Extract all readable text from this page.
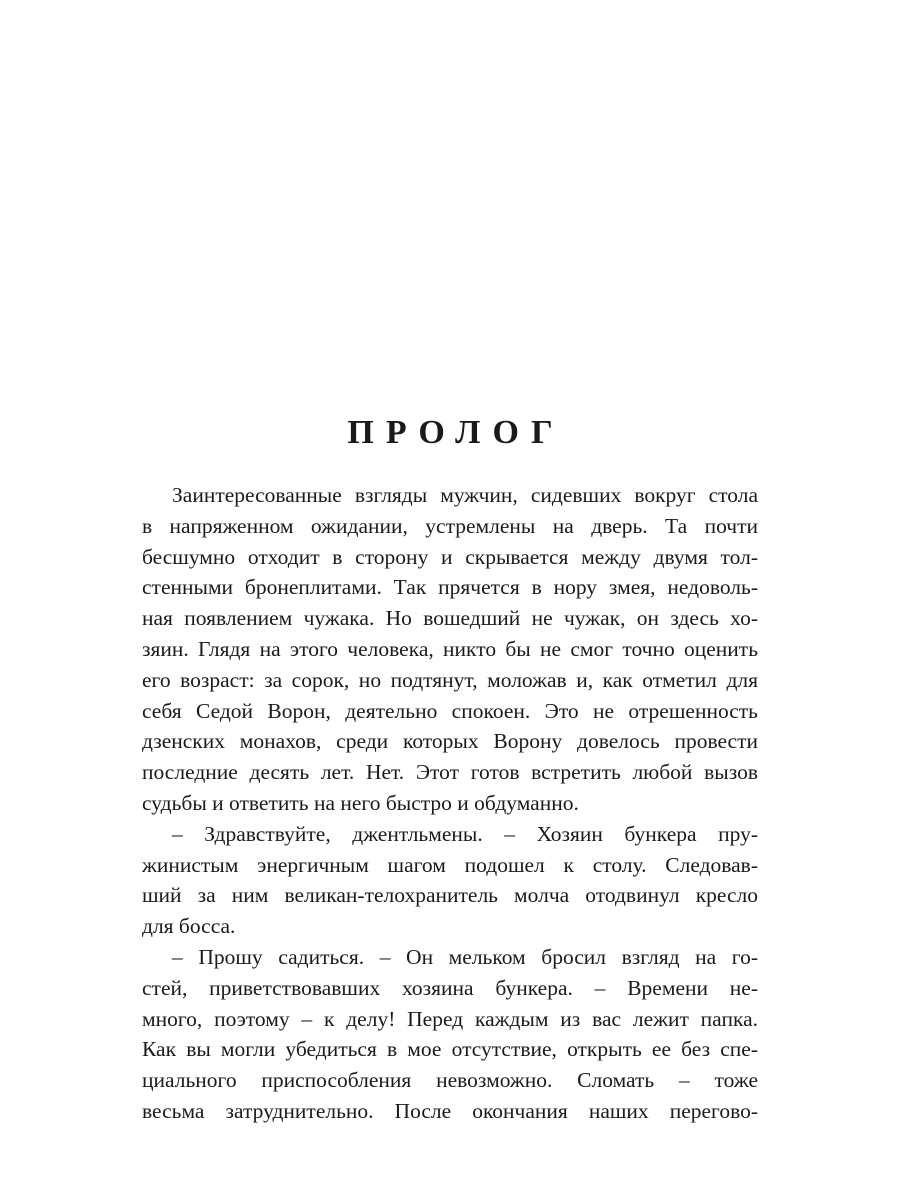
ПРОЛОГ

Заинтересованные взгляды мужчин, сидевших вокруг стола
в напряженном ожидании, устремлены на дверь. Та почти
бесшумно отходит в сторону и скрывается между двумя тол-
стенными бронеплитами. Так прячется в нору змея, недоволь-
ная появлением чужака. Но вошедший не чужак, он здесь хо-
зяин. Глядя на этого человека, никто бы не смог точно оценить
его возраст: за сорок, но подтянут, моложав и, как отметил для
себя Седой Ворон, деятельно спокоен. Это не отрешенность
дзенских монахов, среди которых Ворону довелось провести
последние десять лет. Нет. Этот готов встретить любой вызов
судьбы и ответить на него быстро и обдуманно.

– Здравствуйте, джентльмены. – Хозяин бункера пру-
жинистым энергичным шагом подошел к столу. Следовав-
ший за ним великан-телохранитель молча отодвинул кресло
для босса.

– Прошу садиться. – Он мельком бросил взгляд на го-
стей, приветствовавших хозяина бункера. – Времени не-
много, поэтому – к делу! Перед каждым из вас лежит папка.
Как вы могли убедиться в мое отсутствие, открыть ее без спе-
циального приспособления невозможно. Сломать – тоже
весьма затруднительно. После окончания наших перегово-
